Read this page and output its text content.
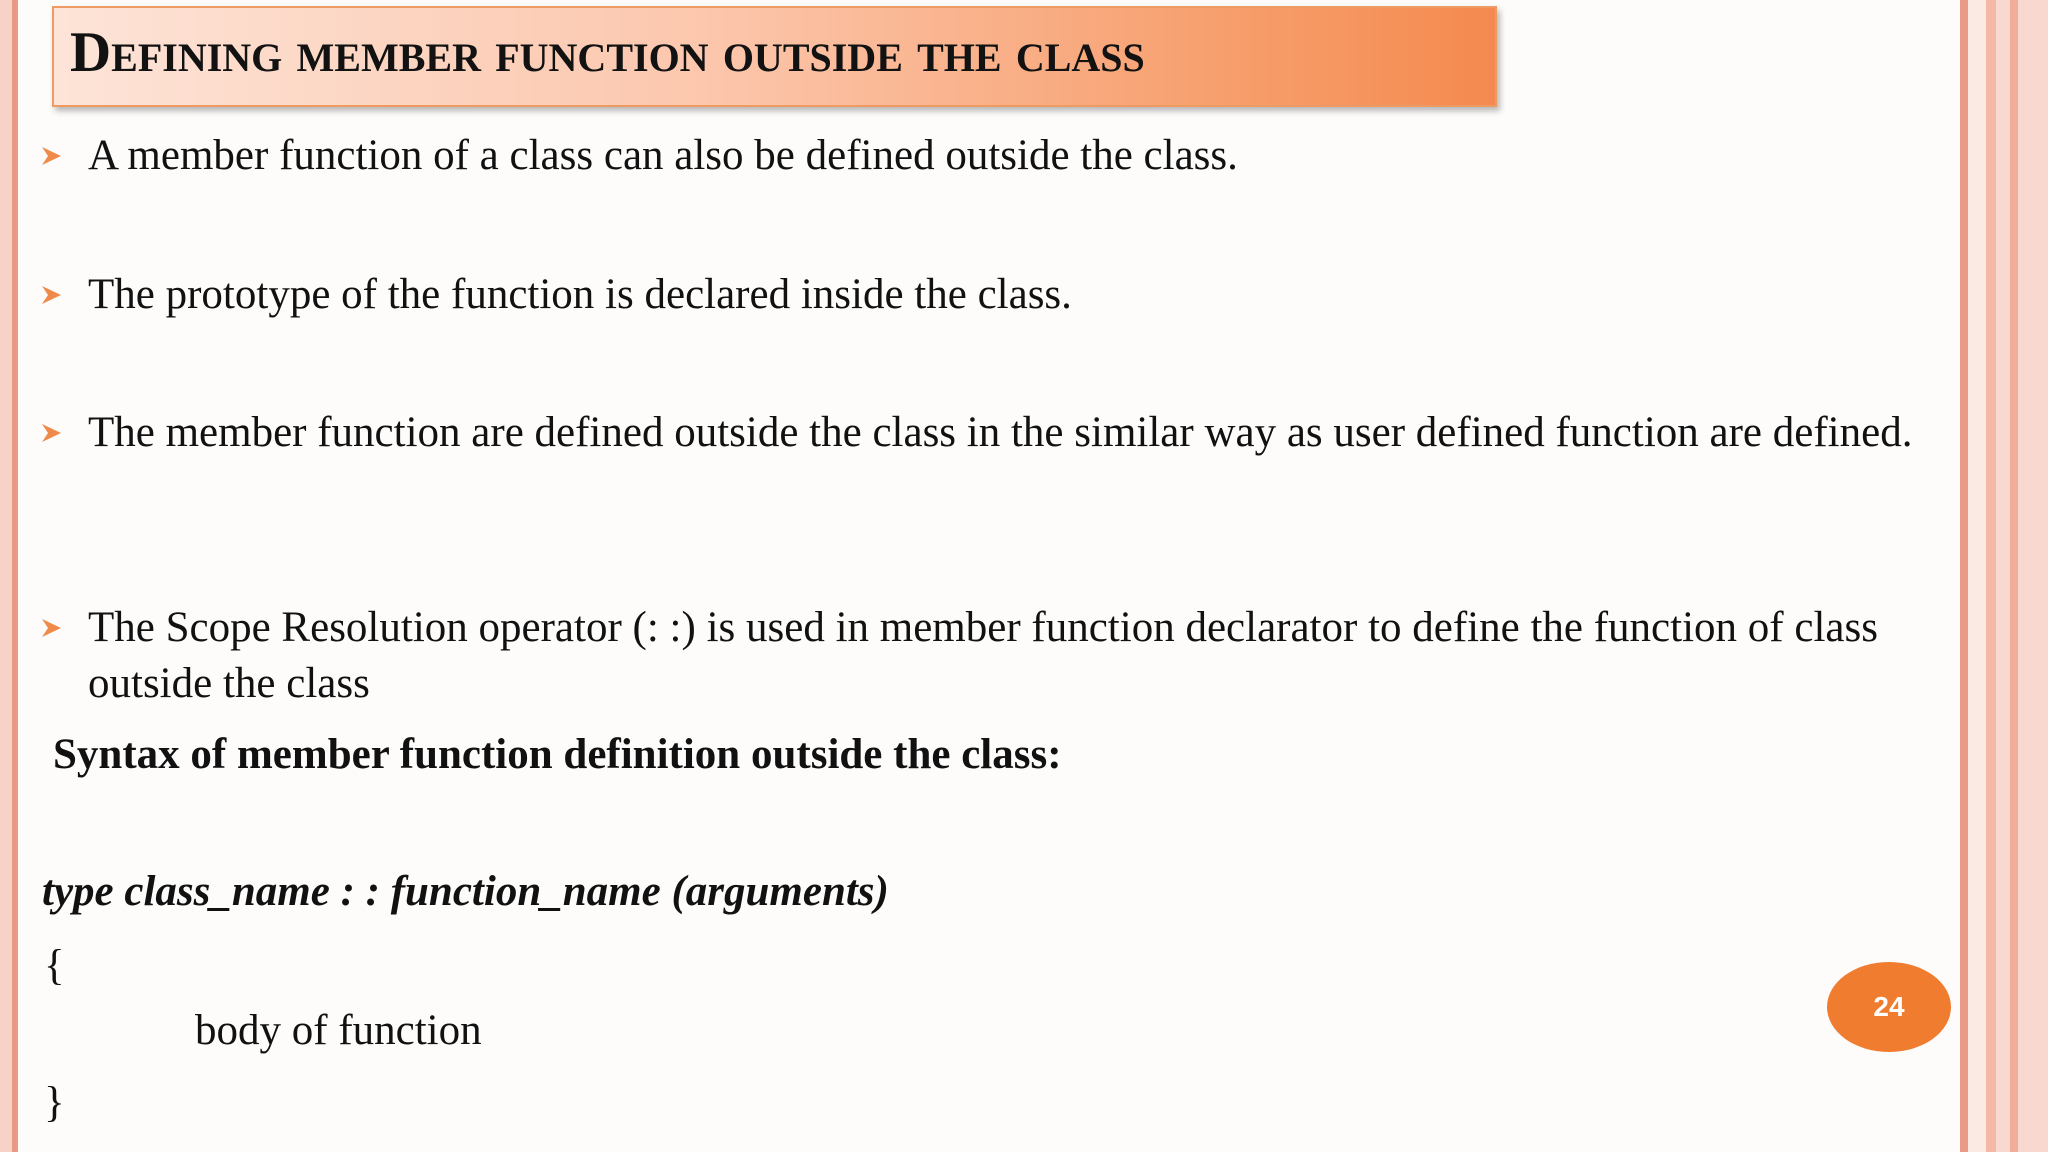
Defining member function outside the class
A member function of a class can also be defined outside the class.
The prototype of the function is declared inside the class.
The member function are defined outside the class in the similar way as user defined function are defined.
The Scope Resolution operator (: :) is used in member function declarator to define the function of class outside the class
Syntax of member function definition outside the class:
type class_name : : function_name (arguments)
{
body of function
}
24
